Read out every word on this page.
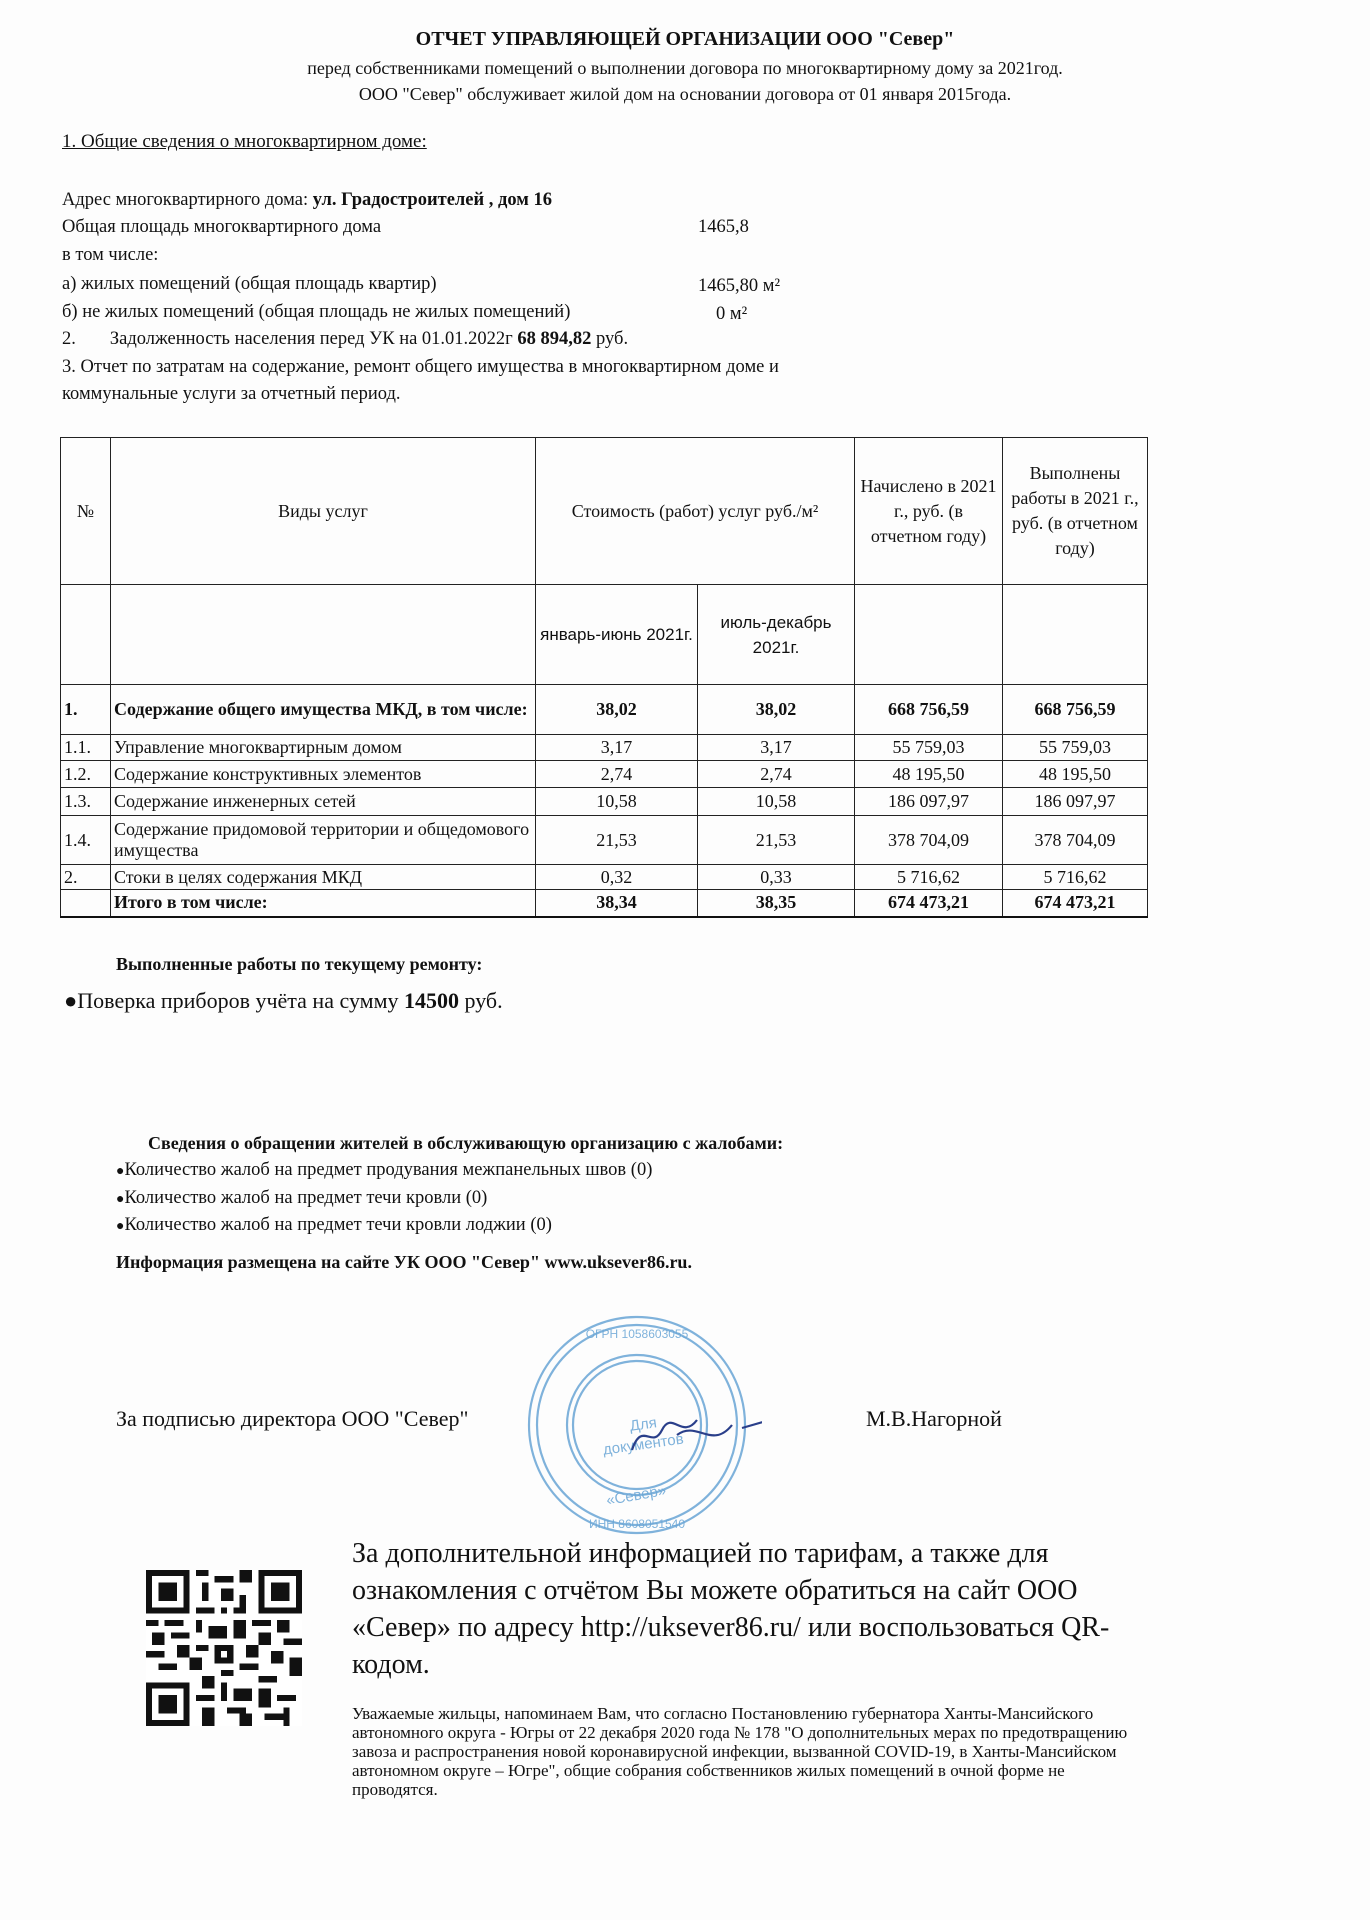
ОТЧЕТ УПРАВЛЯЮЩЕЙ ОРГАНИЗАЦИИ ООО "Север"
перед собственниками помещений о выполнении договора по многоквартирному дому за 2021год.
ООО "Север" обслуживает жилой дом на основании договора от 01 января 2015года.
1. Общие сведения о многоквартирном доме:
Адрес многоквартирного дома: ул. Градостроителей , дом 16
Общая площадь многоквартирного дома	1465,8
в том числе:
а) жилых помещений (общая площадь квартир)	1465,80 м²
б) не жилых помещений (общая площадь не жилых помещений)	0 м²
2. Задолженность населения перед УК на 01.01.2022г 68 894,82 руб.
3. Отчет по затратам на содержание, ремонт общего имущества в многоквартирном доме и
коммунальные услуги за отчетный период.
№	Виды услуг	Стоимость (работ) услуг руб./м²		Начислено в 2021 г., руб. (в отчетном году)	Выполнены работы в 2021 г., руб. (в отчетном году)
		январь-июнь 2021г.	июль-декабрь 2021г.		
1.	Содержание общего имущества МКД, в том числе:	38,02	38,02	668 756,59	668 756,59
1.1.	Управление многоквартирным домом	3,17	3,17	55 759,03	55 759,03
1.2.	Содержание конструктивных элементов	2,74	2,74	48 195,50	48 195,50
1.3.	Содержание инженерных сетей	10,58	10,58	186 097,97	186 097,97
1.4.	Содержание придомовой территории и общедомового имущества	21,53	21,53	378 704,09	378 704,09
2.	Стоки в целях содержания МКД	0,32	0,33	5 716,62	5 716,62
	Итого в том числе:	38,34	38,35	674 473,21	674 473,21
Выполненные работы по текущему ремонту:
●Поверка приборов учёта на сумму 14500 руб.
Сведения о обращении жителей в обслуживающую организацию с жалобами:
●Количество жалоб на предмет продувания межпанельных швов (0)
●Количество жалоб на предмет течи кровли (0)
●Количество жалоб на предмет течи кровли лоджии (0)
Информация размещена на сайте УК ООО "Север" www.uksever86.ru.
ОГРН 1058603055
ИНН 8608051540
Для
документов
«Север»
За подписью директора ООО "Север"	М.В.Нагорной
За дополнительной информацией по тарифам, а также для ознакомления с отчётом Вы можете обратиться на сайт ООО «Север» по адресу http://uksever86.ru/ или воспользоваться QR-кодом.
Уважаемые жильцы, напоминаем Вам, что согласно Постановлению губернатора Ханты-Мансийского автономного округа - Югры от 22 декабря 2020 года № 178 "О дополнительных мерах по предотвращению завоза и распространения новой коронавирусной инфекции, вызванной COVID-19, в Ханты-Мансийском автономном округе – Югре", общие собрания собственников жилых помещений в очной форме не проводятся.
